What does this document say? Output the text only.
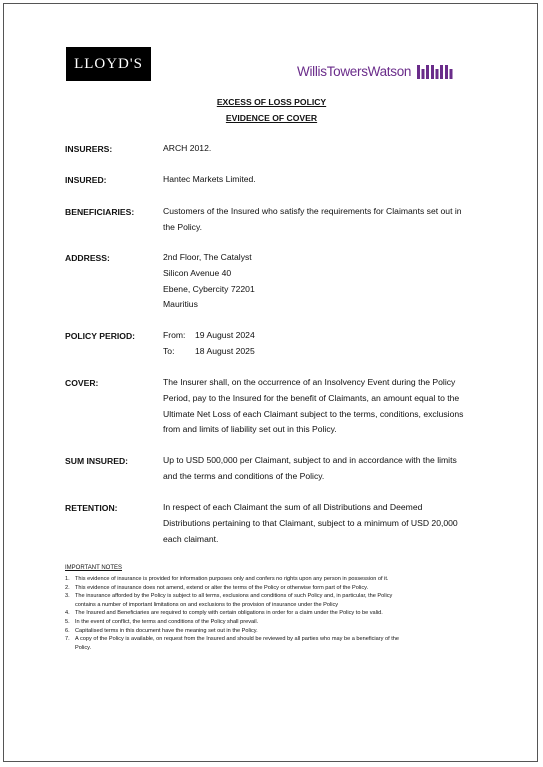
LLOYD'S	WillisTowersWatson
EXCESS OF LOSS POLICY
EVIDENCE OF COVER
INSURERS:	ARCH 2012.
INSURED:	Hantec Markets Limited.
BENEFICIARIES:	Customers of the Insured who satisfy the requirements for Claimants set out in
the Policy.
ADDRESS:	2nd Floor, The Catalyst
Silicon Avenue 40
Ebene, Cybercity 72201
Mauritius
POLICY PERIOD:	From: 19 August 2024
To: 18 August 2025
COVER:	The Insurer shall, on the occurrence of an Insolvency Event during the Policy
Period, pay to the Insured for the benefit of Claimants, an amount equal to the
Ultimate Net Loss of each Claimant subject to the terms, conditions, exclusions
from and limits of liability set out in this Policy.
SUM INSURED:	Up to USD 500,000 per Claimant, subject to and in accordance with the limits
and the terms and conditions of the Policy.
RETENTION:	In respect of each Claimant the sum of all Distributions and Deemed
Distributions pertaining to that Claimant, subject to a minimum of USD 20,000
each claimant.
IMPORTANT NOTES
1. This evidence of insurance is provided for information purposes only and confers no rights upon any person in possession of it.
2. This evidence of insurance does not amend, extend or alter the terms of the Policy or otherwise form part of the Policy.
3. The insurance afforded by the Policy is subject to all terms, exclusions and conditions of such Policy and, in particular, the Policy
contains a number of important limitations on and exclusions to the provision of insurance under the Policy
4. The Insured and Beneficiaries are required to comply with certain obligations in order for a claim under the Policy to be valid.
5. In the event of conflict, the terms and conditions of the Policy shall prevail.
6. Capitalised terms in this document have the meaning set out in the Policy.
7. A copy of the Policy is available, on request from the Insured and should be reviewed by all parties who may be a beneficiary of the
Policy.
